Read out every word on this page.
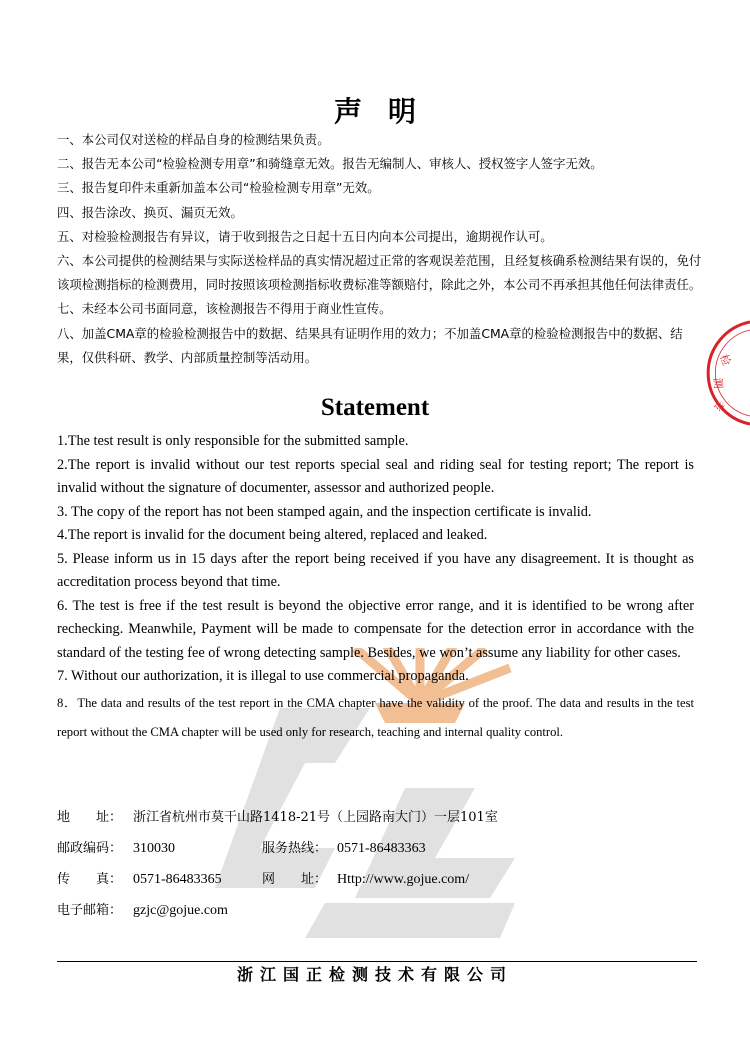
检
测
专
声明
一、本公司仅对送检的样品自身的检测结果负责。
二、报告无本公司“检验检测专用章”和骑缝章无效。报告无编制人、审核人、授权签字人签字无效。
三、报告复印件未重新加盖本公司“检验检测专用章”无效。
四、报告涂改、换页、漏页无效。
五、对检验检测报告有异议，请于收到报告之日起十五日内向本公司提出，逾期视作认可。
六、本公司提供的检测结果与实际送检样品的真实情况超过正常的客观误差范围，且经复核确系检测结果有误的，免付该项检测指标的检测费用，同时按照该项检测指标收费标准等额赔付，除此之外，本公司不再承担其他任何法律责任。
七、未经本公司书面同意，该检测报告不得用于商业性宣传。
八、加盖CMA章的检验检测报告中的数据、结果具有证明作用的效力；不加盖CMA章的检验检测报告中的数据、结果，仅供科研、教学、内部质量控制等活动用。
Statement
1.The test result is only responsible for the submitted sample.
2.The report is invalid without our test reports special seal and riding seal for testing report; The report is invalid without the signature of documenter, assessor and authorized people.
3. The copy of the report has not been stamped again, and the inspection certificate is invalid.
4.The report is invalid for the document being altered, replaced and leaked.
5. Please inform us in 15 days after the report being received if you have any disagreement. It is thought as accreditation process beyond that time.
6. The test is free if the test result is beyond the objective error range, and it is identified to be wrong after rechecking. Meanwhile, Payment will be made to compensate for the detection error in accordance with the standard of the testing fee of wrong detecting sample. Besides, we won’t assume any liability for other cases.
7. Without our authorization, it is illegal to use commercial propaganda.
8．The data and results of the test report in the CMA chapter have the validity of the proof. The data and results in the test report without the CMA chapter will be used only for research, teaching and internal quality control.
地　　址： 浙江省杭州市莫干山路1418-21号（上园路南大门）一层101室
邮政编码： 310030	服务热线： 0571-86483363
传　　真： 0571-86483365	网　　址： Http://www.gojue.com/
电子邮箱： gzjc@gojue.com
浙江国正检测技术有限公司
